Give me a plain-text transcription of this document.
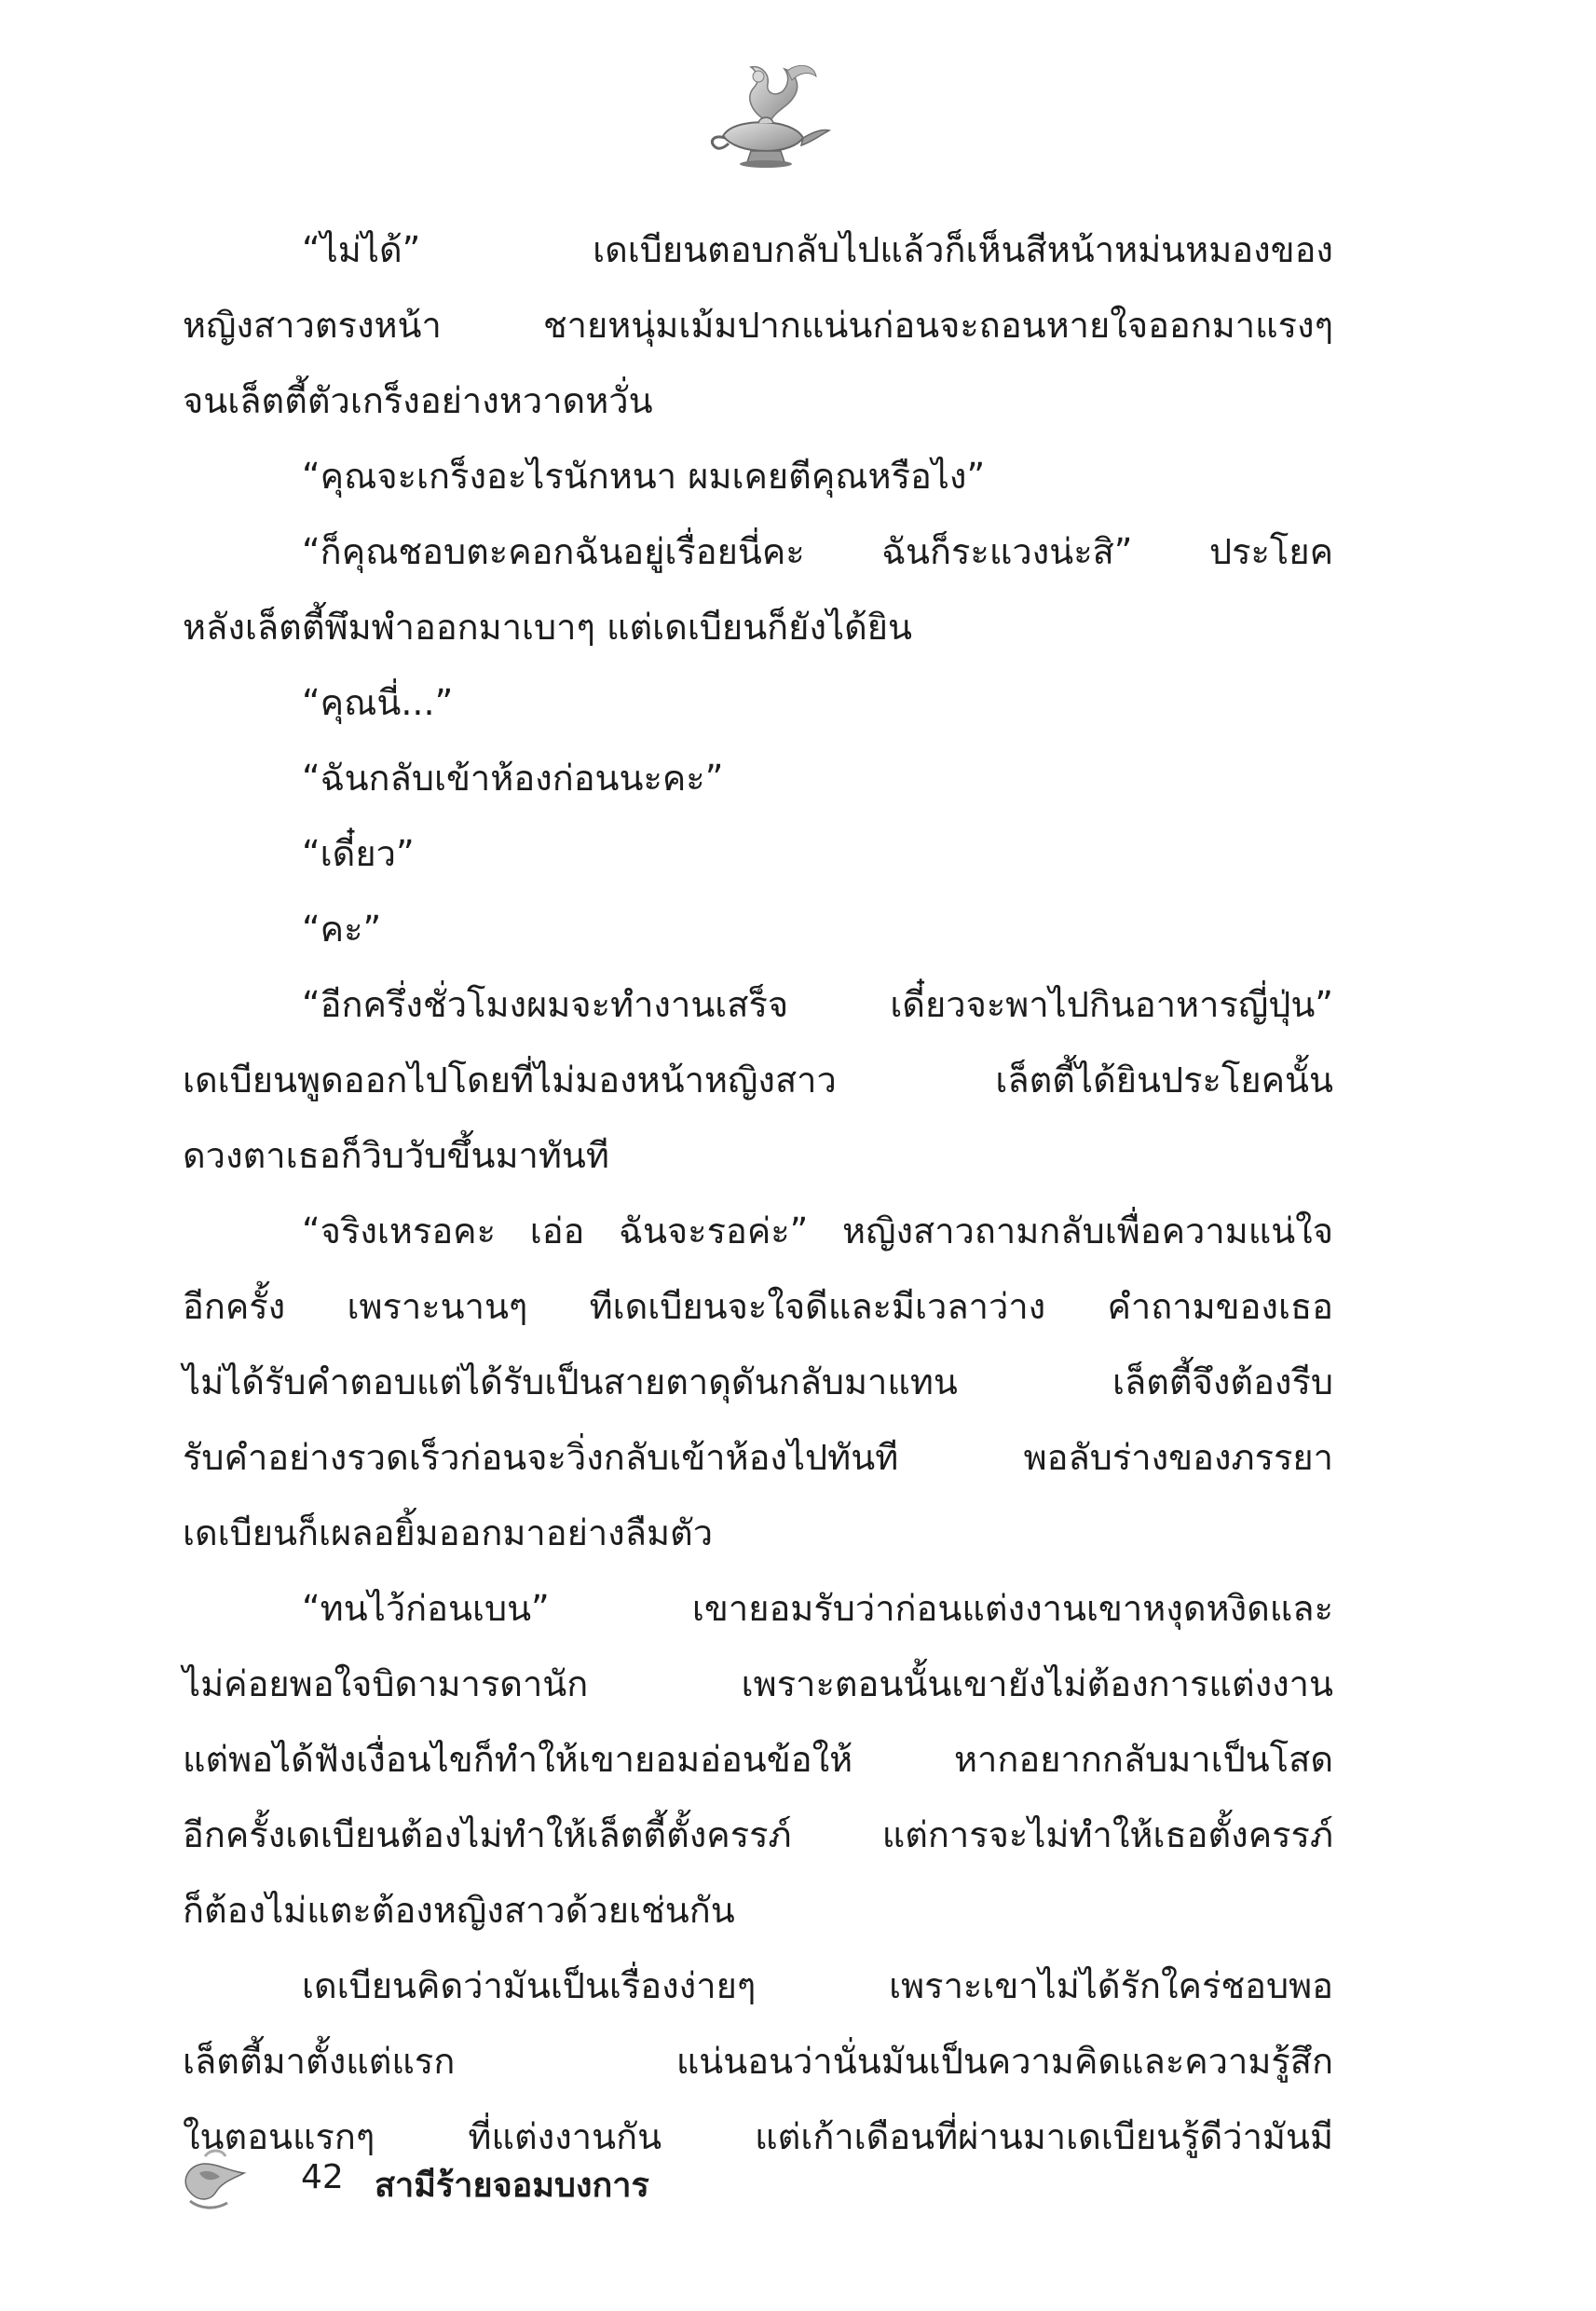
“ไม่ได้” เดเบียนตอบกลับไปแล้วก็เห็นสีหน้าหม่นหมองของ
หญิงสาวตรงหน้า ชายหนุ่มเม้มปากแน่นก่อนจะถอนหายใจออกมาแรงๆ
จนเล็ตตี้ตัวเกร็งอย่างหวาดหวั่น
“คุณจะเกร็งอะไรนักหนา ผมเคยตีคุณหรือไง”
“ก็คุณชอบตะคอกฉันอยู่เรื่อยนี่คะ ฉันก็ระแวงน่ะสิ” ประโยค
หลังเล็ตตี้พึมพำออกมาเบาๆ แต่เดเบียนก็ยังได้ยิน
“คุณนี่...”
“ฉันกลับเข้าห้องก่อนนะคะ”
“เดี๋ยว”
“คะ”
“อีกครึ่งชั่วโมงผมจะทำงานเสร็จ เดี๋ยวจะพาไปกินอาหารญี่ปุ่น”
เดเบียนพูดออกไปโดยที่ไม่มองหน้าหญิงสาว เล็ตตี้ได้ยินประโยคนั้น
ดวงตาเธอก็วิบวับขึ้นมาทันที
“จริงเหรอคะ เอ่อ ฉันจะรอค่ะ” หญิงสาวถามกลับเพื่อความแน่ใจ
อีกครั้ง เพราะนานๆ ทีเดเบียนจะใจดีและมีเวลาว่าง คำถามของเธอ
ไม่ได้รับคำตอบแต่ได้รับเป็นสายตาดุดันกลับมาแทน เล็ตตี้จึงต้องรีบ
รับคำอย่างรวดเร็วก่อนจะวิ่งกลับเข้าห้องไปทันที พอลับร่างของภรรยา
เดเบียนก็เผลอยิ้มออกมาอย่างลืมตัว
“ทนไว้ก่อนเบน” เขายอมรับว่าก่อนแต่งงานเขาหงุดหงิดและ
ไม่ค่อยพอใจบิดามารดานัก เพราะตอนนั้นเขายังไม่ต้องการแต่งงาน
แต่พอได้ฟังเงื่อนไขก็ทำให้เขายอมอ่อนข้อให้ หากอยากกลับมาเป็นโสด
อีกครั้งเดเบียนต้องไม่ทำให้เล็ตตี้ตั้งครรภ์ แต่การจะไม่ทำให้เธอตั้งครรภ์
ก็ต้องไม่แตะต้องหญิงสาวด้วยเช่นกัน
เดเบียนคิดว่ามันเป็นเรื่องง่ายๆ เพราะเขาไม่ได้รักใคร่ชอบพอ
เล็ตตี้มาตั้งแต่แรก แน่นอนว่านั่นมันเป็นความคิดและความรู้สึก
ในตอนแรกๆ ที่แต่งงานกัน แต่เก้าเดือนที่ผ่านมาเดเบียนรู้ดีว่ามันมี
42 สามีร้ายจอมบงการ
